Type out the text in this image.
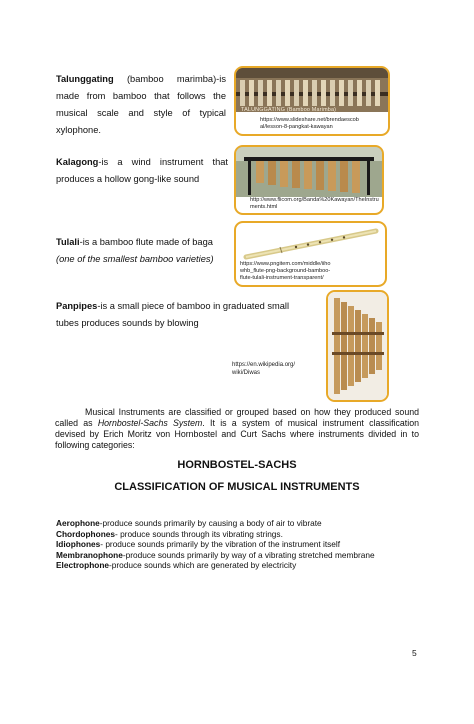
Talunggating (bamboo marimba)-is
made from bamboo that follows the
musical scale and style of typical
xylophone.
TALUNGGATING (Bamboo Marimba)
https://www.slideshare.net/brendaescob
al/lesson-8-pangkat-kawayan
Kalagong-is a wind instrument that
produces a hollow gong-like sound
http://www.flicom.org/Banda%20Kawayan/TheInstru
ments.html
Tulali-is a bamboo flute made of baga
(one of the smallest bamboo varieties)	https://www.pngitem.com/middle/iiho
whb_flute-png-background-bamboo-
flute-tulali-instrument-transparent/
Panpipes-is a small piece of bamboo in graduated small
tubes produces sounds by blowing
https://en.wikipedia.org/
wiki/Diwas
Musical Instruments are classified or grouped based on how they produced sound called as Hornbostel-Sachs System. It is a system of musical instrument classification devised by Erich Moritz von Hornbostel and Curt Sachs where instruments divided in to following categories:
HORNBOSTEL-SACHS
CLASSIFICATION OF MUSICAL INSTRUMENTS
Aerophone-produce sounds primarily by causing a body of air to vibrate
Chordophones- produce sounds through its vibrating strings.
Idiophones- produce sounds primarily by the vibration of the instrument itself
Membranophone-produce sounds primarily by way of a vibrating stretched membrane
Electrophone-produce sounds which are generated by electricity
5
